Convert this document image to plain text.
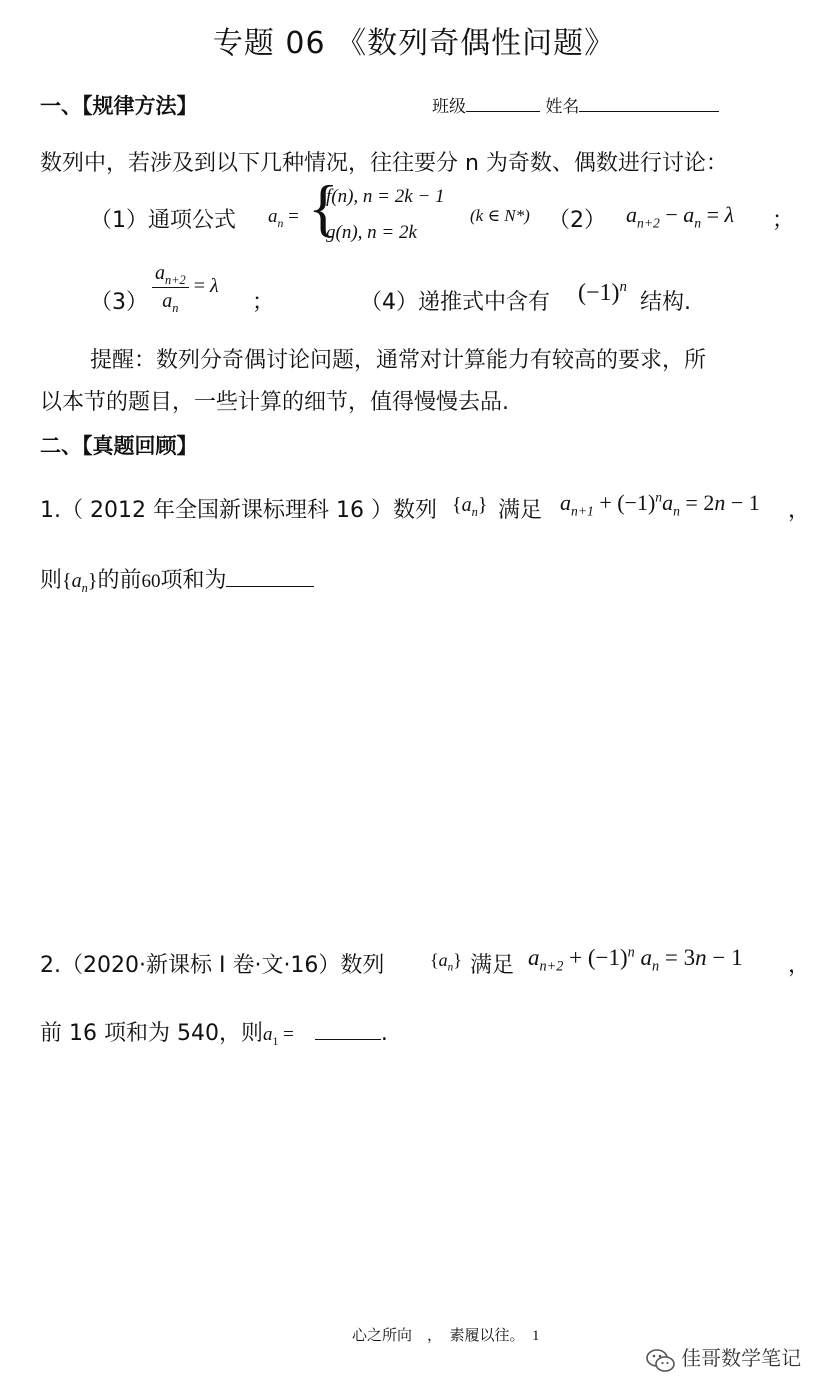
专题 06 《数列奇偶性问题》
一、【规律方法】	班级	姓名
数列中，若涉及到以下几种情况，往往要分 n 为奇数、偶数进行讨论：
（1）通项公式 $a_n$ = {
f(n), n = 2k − 1
g(n), n = 2k
(k ∈ N*) （2） $a_{n+2} - a_n = \lambda$ ；
$(3) \frac{a_{n+2}}{a_n} = \lambda$
；	（4）递推式中含有 $(-1)^n$
结构.
提醒：数列分奇偶讨论问题，通常对计算能力有较高的要求，所
以本节的题目，一些计算的细节，值得慢慢去品.
二、【真题回顾】
1.（ 2012 年全国新课标理科 16 ）数列 $\{a_n\}$ 满足 $a_{n+1} + (-1)^na_n = 2n - 1$ ，
则$\{a_n\}$的前60项和为
2.（2020·新课标 I 卷·文·16）数列	$\{a_n\}$ 满足 $a_{n+2} + (-1)^n$ $a_n = 3n - 1$ ，
前 16 项和为 540，则$a_1$ =	.
心之所向    ，  素履以往。  1
佳哥数学笔记
